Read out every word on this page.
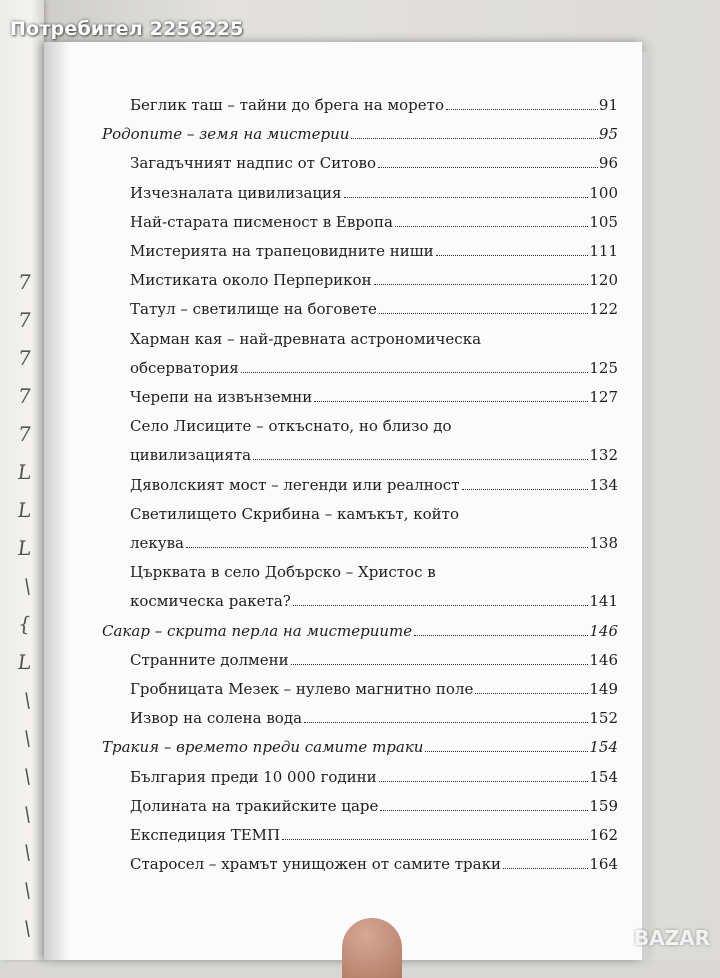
7
7
7
7
7
L
L
L
\
{
L
\
\
\
\
\
\
\
Беглик таш – тайни до брега на морето	91
Родопите – земя на мистерии	95
Загадъчният надпис от Ситово	96
Изчезналата цивилизация	100
Най-старата писменост в Европа	105
Мистерията на трапецовидните ниши	111
Мистиката около Перперикон	120
Татул – светилище на боговете	122
Харман кая – най-древната астрономическа
обсерватория	125
Черепи на извънземни	127
Село Лисиците – откъснато, но близо до
цивилизацията	132
Дяволският мост – легенди или реалност	134
Светилището Скрибина – камъкът, който
лекува	138
Църквата в село Добърско – Христос в
космическа ракета?	141
Сакар – скрита перла на мистериите	146
Странните долмени	146
Гробницата Мезек – нулево магнитно поле	149
Извор на солена вода	152
Тракия – времето преди самите траки	154
България преди 10 000 години	154
Долината на тракийските царе	159
Експедиция ТЕМП	162
Старосел – храмът унищожен от самите траки	164
Потребител 2256225
BAZAR
